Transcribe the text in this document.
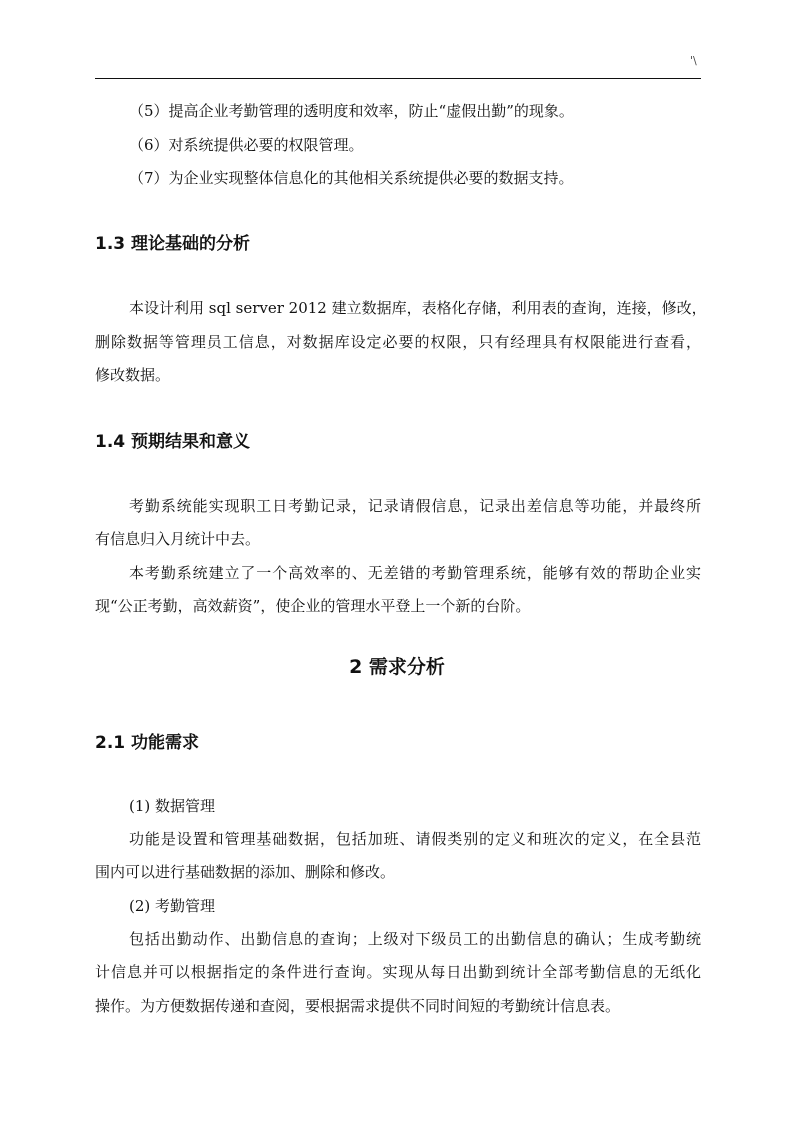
'\
（5）提高企业考勤管理的透明度和效率，防止“虚假出勤”的现象。
（6）对系统提供必要的权限管理。
（7）为企业实现整体信息化的其他相关系统提供必要的数据支持。
1.3 理论基础的分析
本设计利用 sql server 2012 建立数据库，表格化存储，利用表的查询，连接，修改，
删除数据等管理员工信息，对数据库设定必要的权限，只有经理具有权限能进行查看，
修改数据。
1.4 预期结果和意义
考勤系统能实现职工日考勤记录，记录请假信息，记录出差信息等功能，并最终所
有信息归入月统计中去。
本考勤系统建立了一个高效率的、无差错的考勤管理系统，能够有效的帮助企业实
现“公正考勤，高效薪资”，使企业的管理水平登上一个新的台阶。
2 需求分析
2.1 功能需求
(1) 数据管理
功能是设置和管理基础数据，包括加班、请假类别的定义和班次的定义，在全县范
围内可以进行基础数据的添加、删除和修改。
(2) 考勤管理
包括出勤动作、出勤信息的查询；上级对下级员工的出勤信息的确认；生成考勤统
计信息并可以根据指定的条件进行查询。实现从每日出勤到统计全部考勤信息的无纸化
操作。为方便数据传递和查阅，要根据需求提供不同时间短的考勤统计信息表。
